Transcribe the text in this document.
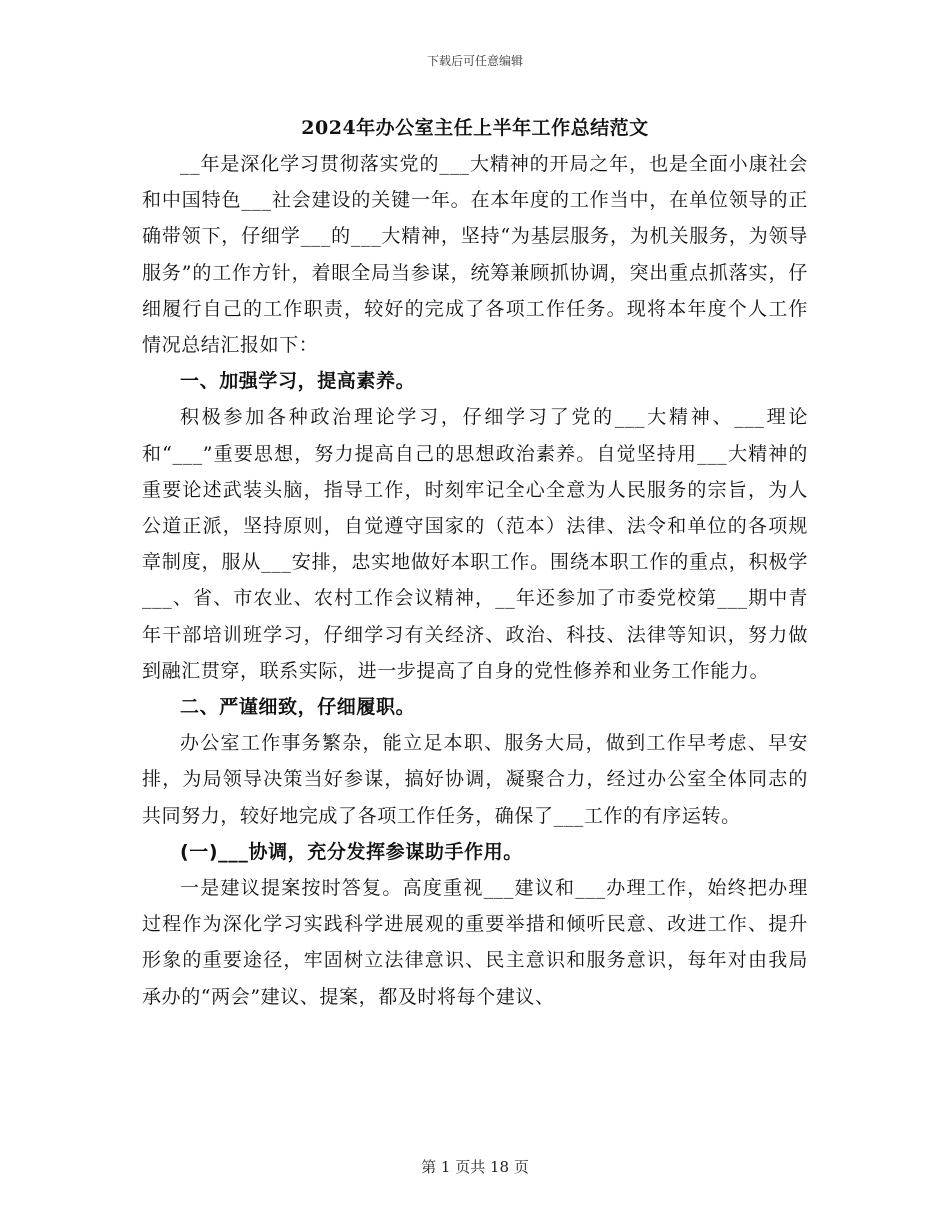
下载后可任意编辑
2024年办公室主任上半年工作总结范文

__年是深化学习贯彻落实党的___大精神的开局之年，也是全面小康社会和中国特色___社会建设的关键一年。在本年度的工作当中，在单位领导的正确带领下，仔细学___的___大精神，坚持“为基层服务，为机关服务，为领导服务”的工作方针，着眼全局当参谋，统筹兼顾抓协调，突出重点抓落实，仔细履行自己的工作职责，较好的完成了各项工作任务。现将本年度个人工作情况总结汇报如下：

一、加强学习，提高素养。

积极参加各种政治理论学习，仔细学习了党的___大精神、___理论和“___”重要思想，努力提高自己的思想政治素养。自觉坚持用___大精神的重要论述武装头脑，指导工作，时刻牢记全心全意为人民服务的宗旨，为人公道正派，坚持原则，自觉遵守国家的（范本）法律、法令和单位的各项规章制度，服从___安排，忠实地做好本职工作。围绕本职工作的重点，积极学___、省、市农业、农村工作会议精神，__年还参加了市委党校第___期中青年干部培训班学习，仔细学习有关经济、政治、科技、法律等知识，努力做到融汇贯穿，联系实际，进一步提高了自身的党性修养和业务工作能力。

二、严谨细致，仔细履职。

办公室工作事务繁杂，能立足本职、服务大局，做到工作早考虑、早安排，为局领导决策当好参谋，搞好协调，凝聚合力，经过办公室全体同志的共同努力，较好地完成了各项工作任务，确保了___工作的有序运转。

(一)___协调，充分发挥参谋助手作用。

一是建议提案按时答复。高度重视___建议和___办理工作，始终把办理过程作为深化学习实践科学进展观的重要举措和倾听民意、改进工作、提升形象的重要途径，牢固树立法律意识、民主意识和服务意识，每年对由我局承办的“两会”建议、提案，都及时将每个建议、

第 1 页共 18 页
